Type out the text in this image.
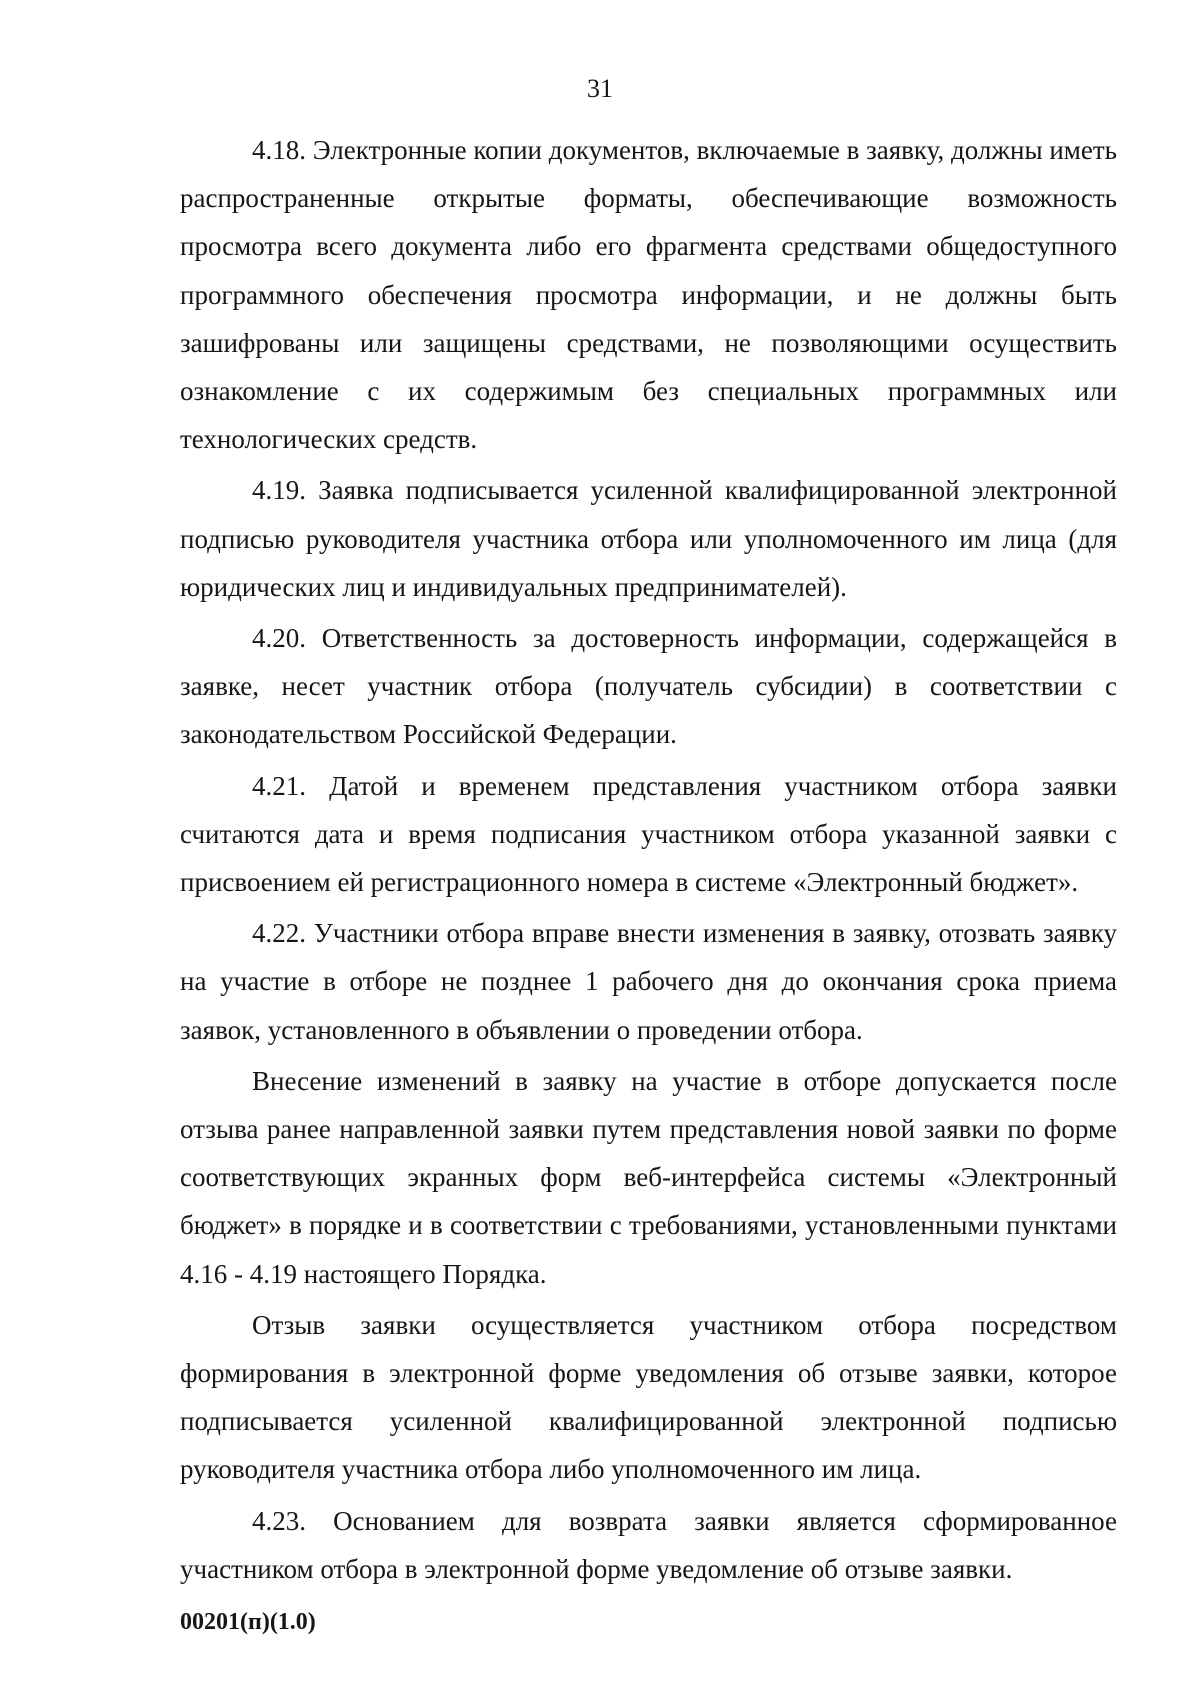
31

4.18. Электронные копии документов, включаемые в заявку, должны иметь распространенные открытые форматы, обеспечивающие возможность просмотра всего документа либо его фрагмента средствами общедоступного программного обеспечения просмотра информации, и не должны быть зашифрованы или защищены средствами, не позволяющими осуществить ознакомление с их содержимым без специальных программных или технологических средств.

4.19. Заявка подписывается усиленной квалифицированной электронной подписью руководителя участника отбора или уполномоченного им лица (для юридических лиц и индивидуальных предпринимателей).

4.20. Ответственность за достоверность информации, содержащейся в заявке, несет участник отбора (получатель субсидии) в соответствии с законодательством Российской Федерации.

4.21. Датой и временем представления участником отбора заявки считаются дата и время подписания участником отбора указанной заявки с присвоением ей регистрационного номера в системе «Электронный бюджет».

4.22. Участники отбора вправе внести изменения в заявку, отозвать заявку на участие в отборе не позднее 1 рабочего дня до окончания срока приема заявок, установленного в объявлении о проведении отбора.

Внесение изменений в заявку на участие в отборе допускается после отзыва ранее направленной заявки путем представления новой заявки по форме соответствующих экранных форм веб-интерфейса системы «Электронный бюджет» в порядке и в соответствии с требованиями, установленными пунктами 4.16 - 4.19 настоящего Порядка.

Отзыв заявки осуществляется участником отбора посредством формирования в электронной форме уведомления об отзыве заявки, которое подписывается усиленной квалифицированной электронной подписью руководителя участника отбора либо уполномоченного им лица.

4.23. Основанием для возврата заявки является сформированное участником отбора в электронной форме уведомление об отзыве заявки.

00201(п)(1.0)
